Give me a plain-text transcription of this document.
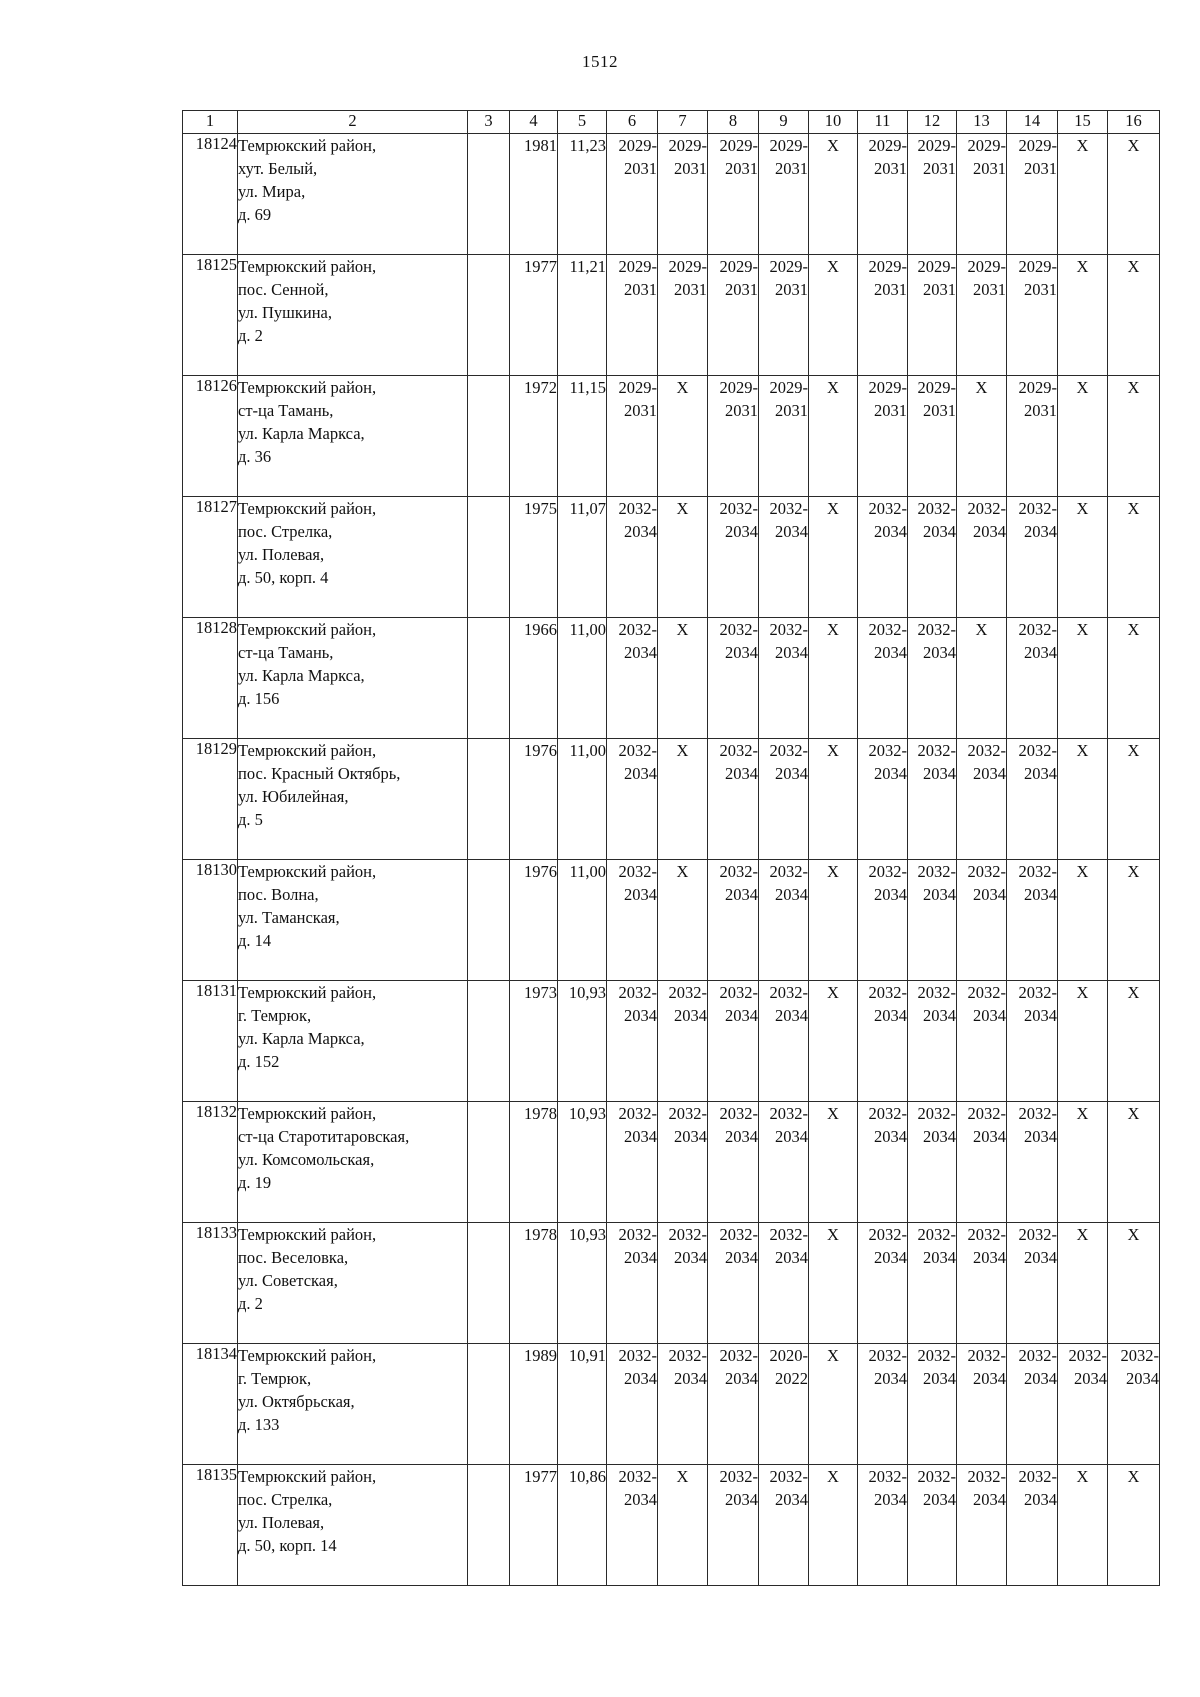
1512
1	2	3	4	5	6	7	8	9	10	11	12	13	14	15	16
18124	Темрюкский район,
хут. Белый,
ул. Мира,
д. 69		1981	11,23	2029-
2031	2029-
2031	2029-
2031	2029-
2031	X	2029-
2031	2029-
2031	2029-
2031	2029-
2031	X	X
18125	Темрюкский район,
пос. Сенной,
ул. Пушкина,
д. 2		1977	11,21	2029-
2031	2029-
2031	2029-
2031	2029-
2031	X	2029-
2031	2029-
2031	2029-
2031	2029-
2031	X	X
18126	Темрюкский район,
ст-ца Тамань,
ул. Карла Маркса,
д. 36		1972	11,15	2029-
2031	X	2029-
2031	2029-
2031	X	2029-
2031	2029-
2031	X	2029-
2031	X	X
18127	Темрюкский район,
пос. Стрелка,
ул. Полевая,
д. 50, корп. 4		1975	11,07	2032-
2034	X	2032-
2034	2032-
2034	X	2032-
2034	2032-
2034	2032-
2034	2032-
2034	X	X
18128	Темрюкский район,
ст-ца Тамань,
ул. Карла Маркса,
д. 156		1966	11,00	2032-
2034	X	2032-
2034	2032-
2034	X	2032-
2034	2032-
2034	X	2032-
2034	X	X
18129	Темрюкский район,
пос. Красный Октябрь,
ул. Юбилейная,
д. 5		1976	11,00	2032-
2034	X	2032-
2034	2032-
2034	X	2032-
2034	2032-
2034	2032-
2034	2032-
2034	X	X
18130	Темрюкский район,
пос. Волна,
ул. Таманская,
д. 14		1976	11,00	2032-
2034	X	2032-
2034	2032-
2034	X	2032-
2034	2032-
2034	2032-
2034	2032-
2034	X	X
18131	Темрюкский район,
г. Темрюк,
ул. Карла Маркса,
д. 152		1973	10,93	2032-
2034	2032-
2034	2032-
2034	2032-
2034	X	2032-
2034	2032-
2034	2032-
2034	2032-
2034	X	X
18132	Темрюкский район,
ст-ца Старотитаровская,
ул. Комсомольская,
д. 19		1978	10,93	2032-
2034	2032-
2034	2032-
2034	2032-
2034	X	2032-
2034	2032-
2034	2032-
2034	2032-
2034	X	X
18133	Темрюкский район,
пос. Веселовка,
ул. Советская,
д. 2		1978	10,93	2032-
2034	2032-
2034	2032-
2034	2032-
2034	X	2032-
2034	2032-
2034	2032-
2034	2032-
2034	X	X
18134	Темрюкский район,
г. Темрюк,
ул. Октябрьская,
д. 133		1989	10,91	2032-
2034	2032-
2034	2032-
2034	2020-
2022	X	2032-
2034	2032-
2034	2032-
2034	2032-
2034	2032-
2034	2032-
2034

18135	Темрюкский район,
пос. Стрелка,
ул. Полевая,
д. 50, корп. 14		1977	10,86	2032-
2034	X	2032-
2034	2032-
2034	X	2032-
2034	2032-
2034	2032-
2034	2032-
2034	X	X
